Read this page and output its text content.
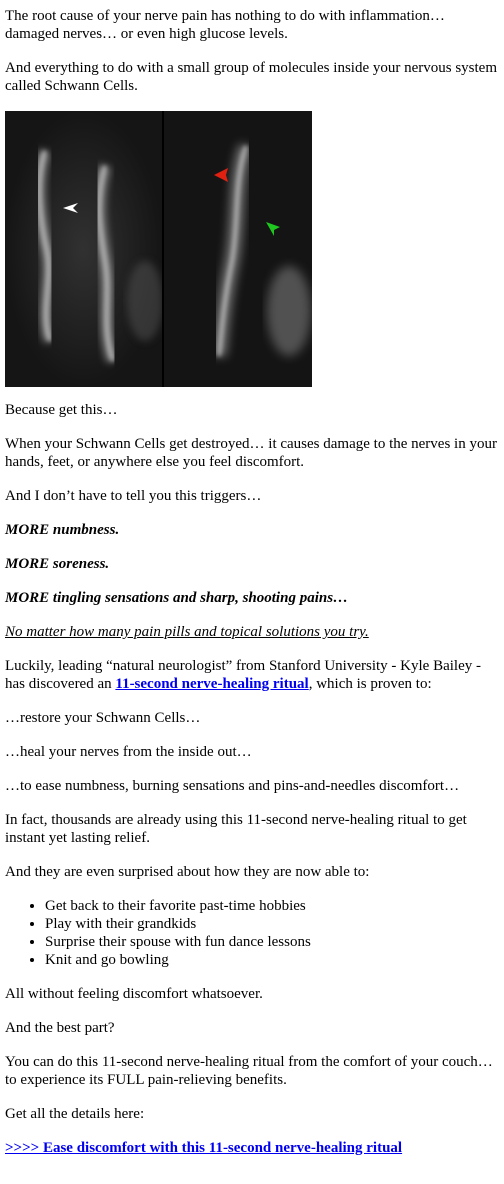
The root cause of your nerve pain has nothing to do with inflammation… damaged nerves… or even high glucose levels.

And everything to do with a small group of molecules inside your nervous system called Schwann Cells.

Because get this…

When your Schwann Cells get destroyed… it causes damage to the nerves in your hands, feet, or anywhere else you feel discomfort.

And I don’t have to tell you this triggers…

MORE numbness.

MORE soreness.

MORE tingling sensations and sharp, shooting pains…

No matter how many pain pills and topical solutions you try.

Luckily, leading “natural neurologist” from Stanford University - Kyle Bailey - has discovered an 11-second nerve-healing ritual, which is proven to:

…restore your Schwann Cells…

…heal your nerves from the inside out…

…to ease numbness, burning sensations and pins-and-needles discomfort…

In fact, thousands are already using this 11-second nerve-healing ritual to get instant yet lasting relief.

And they are even surprised about how they are now able to:

• Get back to their favorite past-time hobbies
• Play with their grandkids
• Surprise their spouse with fun dance lessons
• Knit and go bowling

All without feeling discomfort whatsoever.

And the best part?

You can do this 11-second nerve-healing ritual from the comfort of your couch… to experience its FULL pain-relieving benefits.

Get all the details here:

>>>> Ease discomfort with this 11-second nerve-healing ritual
